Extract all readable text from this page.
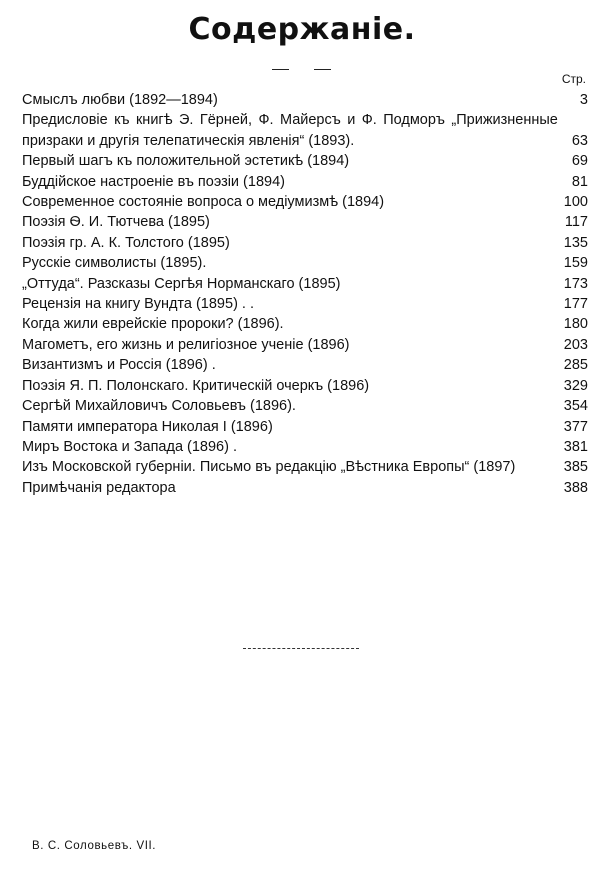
Содержаніе.
Стр.
Смыслъ любви (1892—1894)	3
Предисловіе къ книгѣ Э. Гёрней, Ф. Майерсъ и Ф. Подморъ „Прижизненные призраки и другія телепатическія явленія“ (1893).	63
Первый шагъ къ положительной эстетикѣ (1894)	69
Буддійское настроеніе въ поэзіи (1894)	81
Современное состояніе вопроса о медіумизмѣ (1894)	100
Поэзія Ѳ. И. Тютчева (1895)	117
Поэзія гр. А. К. Толстого (1895)	135
Русскіе символисты (1895).	159
„Оттуда“. Разсказы Сергѣя Норманскаго (1895)	173
Рецензія на книгу Вундта (1895) . .	177
Когда жили еврейскіе пророки? (1896).	180
Магометъ, его жизнь и религіозное ученіе (1896)	203
Византизмъ и Россія (1896) .	285
Поэзія Я. П. Полонскаго. Критическій очеркъ (1896)	329
Сергѣй Михайловичъ Соловьевъ (1896).	354
Памяти императора Николая I (1896)	377
Миръ Востока и Запада (1896) .	381
Изъ Московской губерніи. Письмо въ редакцію „Вѣстника Европы“ (1897)	385
Примѣчанія редактора	388
В. С. Соловьевъ. VII.
